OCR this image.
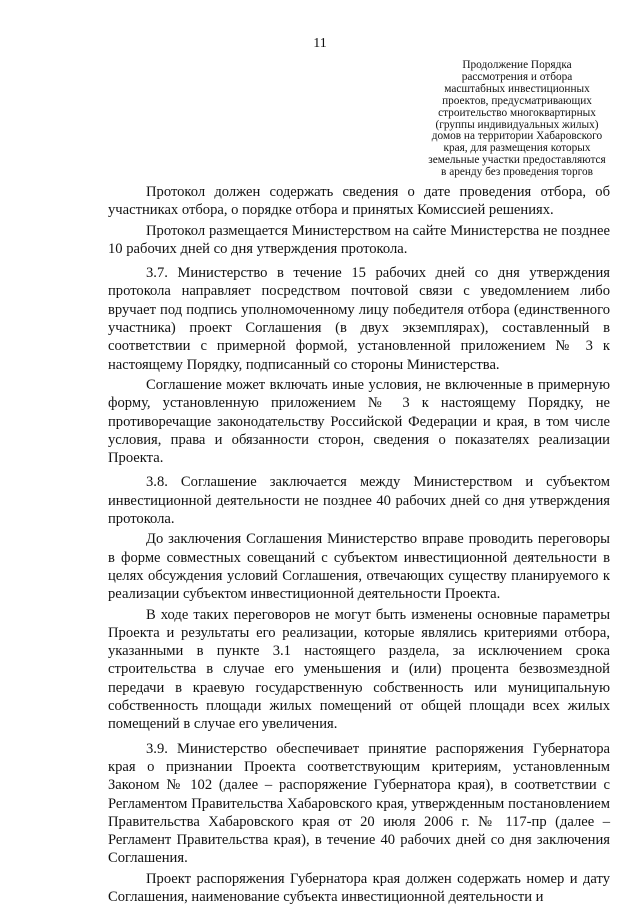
11
Продолжение Порядка
рассмотрения и отбора
масштабных инвестиционных
проектов, предусматривающих
строительство многоквартирных
(группы индивидуальных жилых)
домов на территории Хабаровского
края, для размещения которых
земельные участки предоставляются
в аренду без проведения торгов

Протокол должен содержать сведения о дате проведения отбора, об участниках отбора, о порядке отбора и принятых Комиссией решениях.

Протокол размещается Министерством на сайте Министерства не позднее 10 рабочих дней со дня утверждения протокола.

3.7. Министерство в течение 15 рабочих дней со дня утверждения протокола направляет посредством почтовой связи с уведомлением либо вручает под подпись уполномоченному лицу победителя отбора (единственного участника) проект Соглашения (в двух экземплярах), составленный в соответствии с примерной формой, установленной приложением № 3 к настоящему Порядку, подписанный со стороны Министерства.

Соглашение может включать иные условия, не включенные в примерную форму, установленную приложением № 3 к настоящему Порядку, не противоречащие законодательству Российской Федерации и края, в том числе условия, права и обязанности сторон, сведения о показателях реализации Проекта.

3.8. Соглашение заключается между Министерством и субъектом инвестиционной деятельности не позднее 40 рабочих дней со дня утверждения протокола.

До заключения Соглашения Министерство вправе проводить переговоры в форме совместных совещаний с субъектом инвестиционной деятельности в целях обсуждения условий Соглашения, отвечающих существу планируемого к реализации субъектом инвестиционной деятельности Проекта.

В ходе таких переговоров не могут быть изменены основные параметры Проекта и результаты его реализации, которые являлись критериями отбора, указанными в пункте 3.1 настоящего раздела, за исключением срока строительства в случае его уменьшения и (или) процента безвозмездной передачи в краевую государственную собственность или муниципальную собственность площади жилых помещений от общей площади всех жилых помещений в случае его увеличения.

3.9. Министерство обеспечивает принятие распоряжения Губернатора края о признании Проекта соответствующим критериям, установленным Законом № 102 (далее – распоряжение Губернатора края), в соответствии с Регламентом Правительства Хабаровского края, утвержденным постановлением Правительства Хабаровского края от 20 июля 2006 г. № 117-пр (далее – Регламент Правительства края), в течение 40 рабочих дней со дня заключения Соглашения.

Проект распоряжения Губернатора края должен содержать номер и дату Соглашения, наименование субъекта инвестиционной деятельности и
